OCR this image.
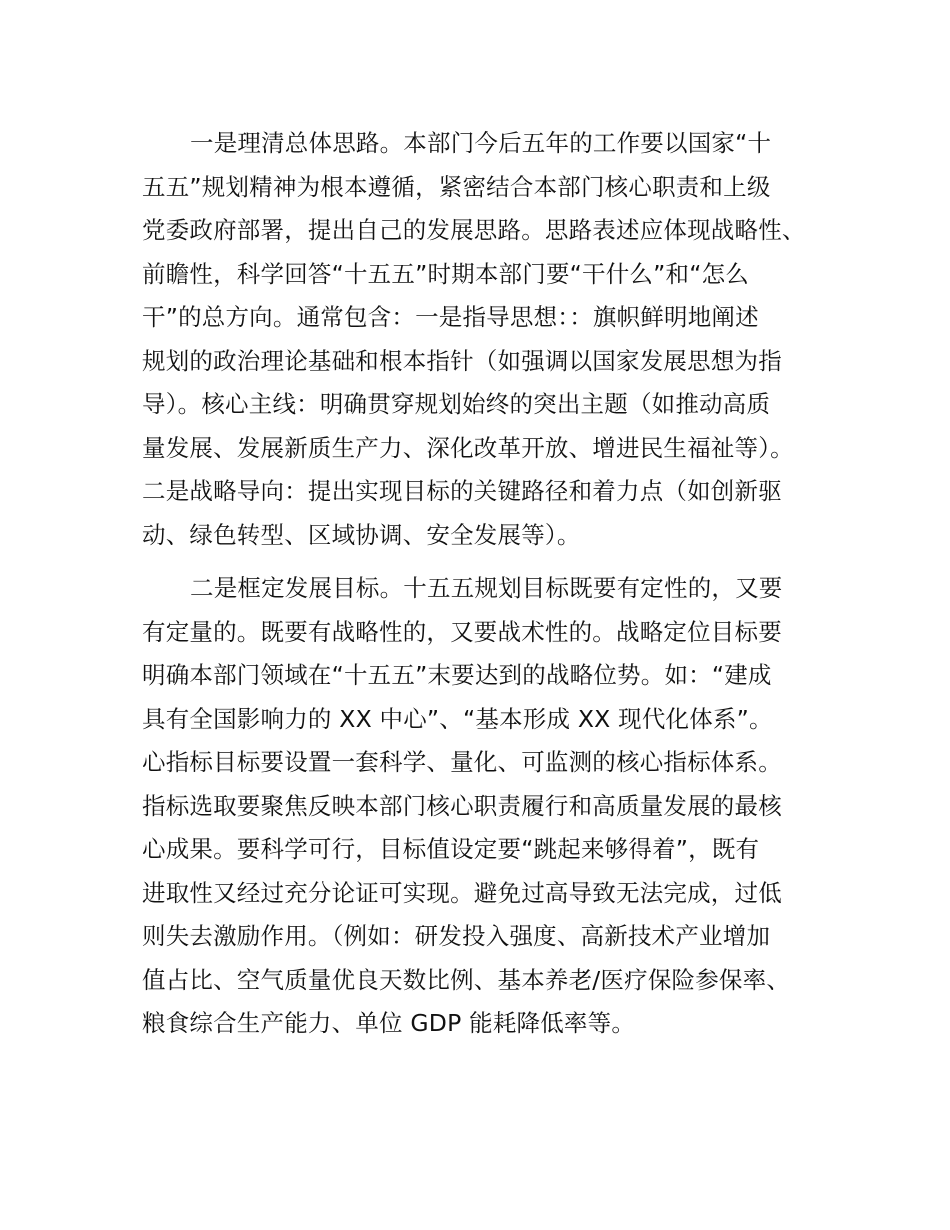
一是理清总体思路。本部门今后五年的工作要以国家“十
五五”规划精神为根本遵循，紧密结合本部门核心职责和上级
党委政府部署，提出自己的发展思路。思路表述应体现战略性、
前瞻性，科学回答“十五五”时期本部门要“干什么”和“怎么
干”的总方向。通常包含：一是指导思想：：旗帜鲜明地阐述
规划的政治理论基础和根本指针（如强调以国家发展思想为指
导）。核心主线：明确贯穿规划始终的突出主题（如推动高质
量发展、发展新质生产力、深化改革开放、增进民生福祉等）。
二是战略导向：提出实现目标的关键路径和着力点（如创新驱
动、绿色转型、区域协调、安全发展等）。
二是框定发展目标。十五五规划目标既要有定性的，又要
有定量的。既要有战略性的，又要战术性的。战略定位目标要
明确本部门领域在“十五五”末要达到的战略位势。如：“建成
具有全国影响力的 XX 中心”、“基本形成 XX 现代化体系”。
心指标目标要设置一套科学、量化、可监测的核心指标体系。
指标选取要聚焦反映本部门核心职责履行和高质量发展的最核
心成果。要科学可行，目标值设定要“跳起来够得着”，既有
进取性又经过充分论证可实现。避免过高导致无法完成，过低
则失去激励作用。（例如：研发投入强度、高新技术产业增加
值占比、空气质量优良天数比例、基本养老/医疗保险参保率、
粮食综合生产能力、单位 GDP 能耗降低率等。
